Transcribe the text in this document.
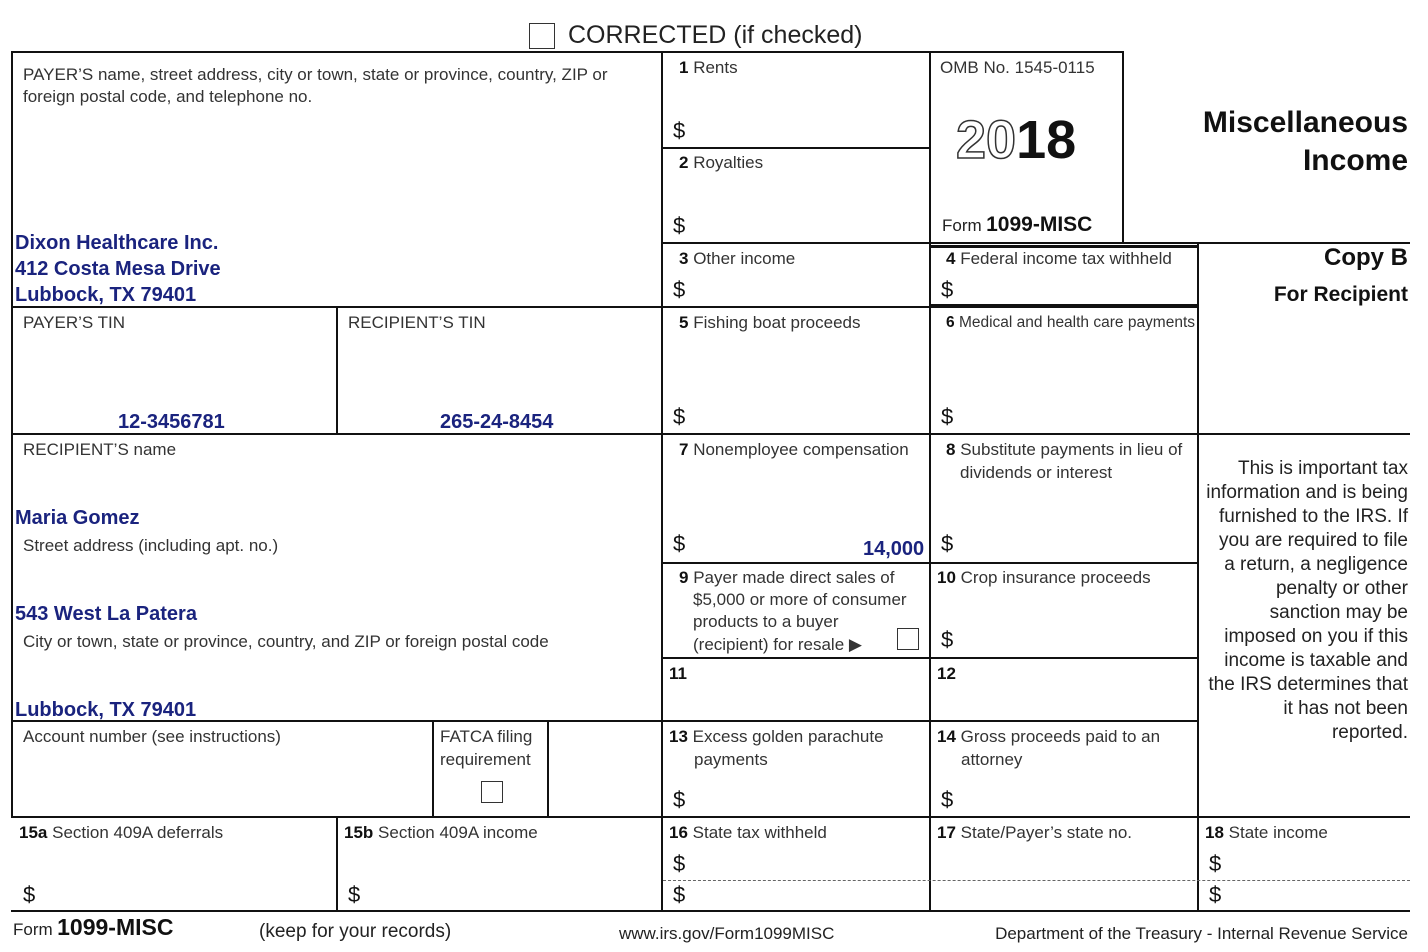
CORRECTED (if checked)
PAYER’S name, street address, city or town, state or province, country, ZIP or foreign postal code, and telephone no.
Dixon Healthcare Inc.
412 Costa Mesa Drive
Lubbock, TX 79401
PAYER’S TIN
12-3456781
RECIPIENT’S TIN
265-24-8454
RECIPIENT’S name
Maria Gomez
Street address (including apt. no.)
543 West La Patera
City or town, state or province, country, and ZIP or foreign postal code
Lubbock, TX 79401
Account number (see instructions)	FATCA filing
requirement
1 Rents
$
2 Royalties
$
OMB No. 1545-0115
2018
Form 1099-MISC
Miscellaneous
Income
Copy B
For Recipient
3 Other income
$
4 Federal income tax withheld
$
5 Fishing boat proceeds
$
6 Medical and health care payments
$
7 Nonemployee compensation
$	14,000
8 Substitute payments in lieu of
dividends or interest
$
9 Payer made direct sales of
$5,000 or more of consumer
products to a buyer
(recipient) for resale ▶
10 Crop insurance proceeds
$
11	12
13 Excess golden parachute
payments
$
14 Gross proceeds paid to an
attorney
$
This is important tax information and is being furnished to the IRS. If you are required to file a return, a negligence penalty or other sanction may be imposed on you if this income is taxable and the IRS determines that it has not been reported.
15a Section 409A deferrals
$
15b Section 409A income
$
16 State tax withheld
$
$
17 State/Payer’s state no.	18 State income
$
$
Form 1099-MISC	(keep for your records)	www.irs.gov/Form1099MISC	Department of the Treasury - Internal Revenue Service
